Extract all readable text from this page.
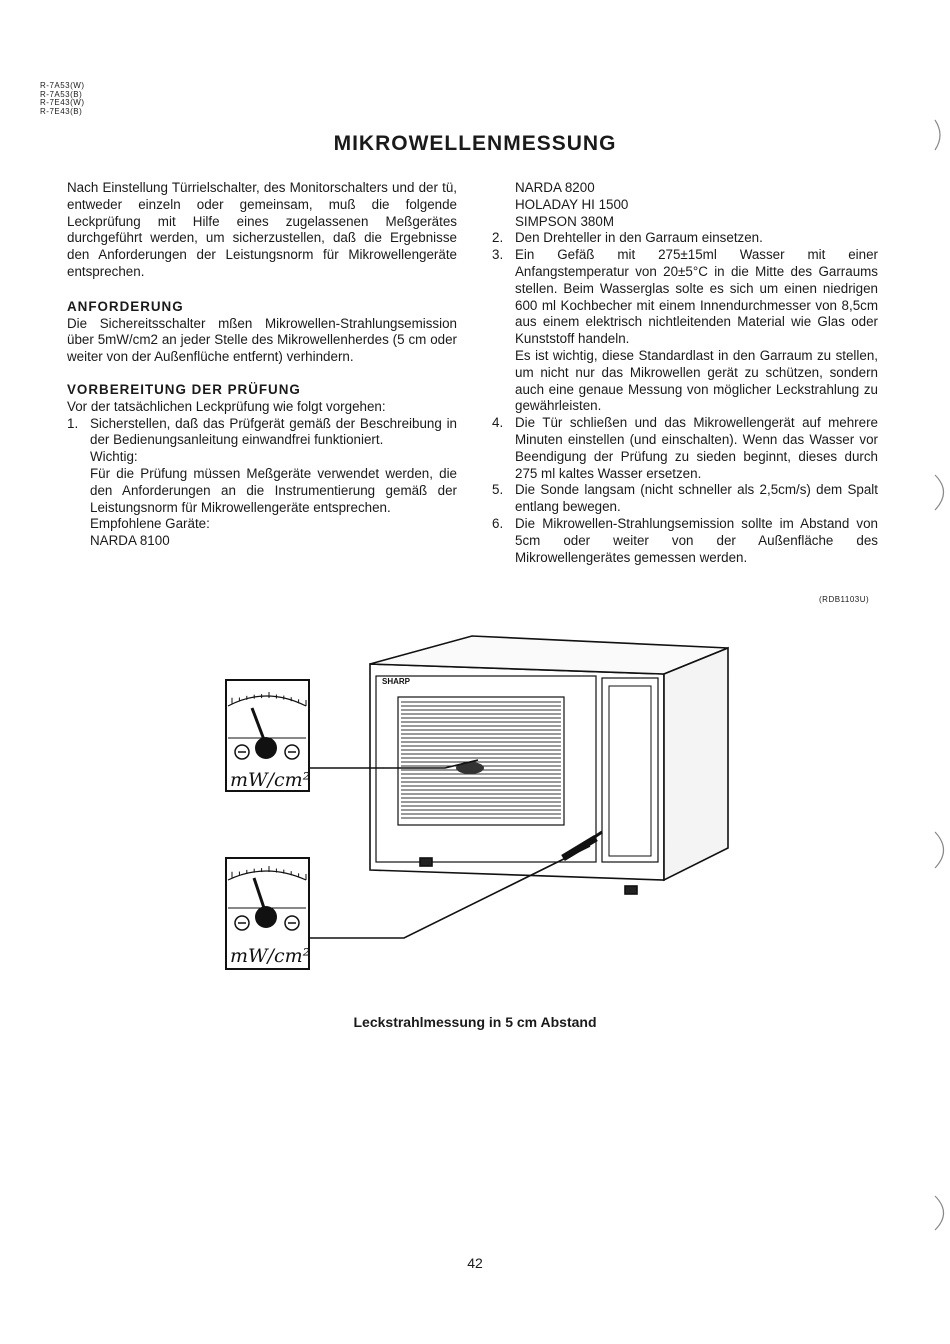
R-7A53(W)
R-7A53(B)
R-7E43(W)
R-7E43(B)
MIKROWELLENMESSUNG
Nach Einstellung Türrielschalter, des Monitorschalters und der tü, entweder einzeln oder gemeinsam, muß die folgende Leckprüfung mit Hilfe eines zugelassenen Meßgerätes durchgeführt werden, um sicherzustellen, daß die Ergebnisse den Anforderungen der Leistungsnorm für Mikrowellengeräte entsprechen.
ANFORDERUNG
Die Sichereitsschalter mßen Mikrowellen-Strahlungsemission über 5mW/cm2 an jeder Stelle des Mikrowellenherdes (5 cm oder weiter von der Außenflüche entfernt) verhindern.
VORBEREITUNG DER PRÜFUNG
Vor der tatsächlichen Leckprüfung wie folgt vorgehen:
1. Sicherstellen, daß das Prüfgerät gemäß der Beschreibung in der Bedienungsanleitung einwandfrei funktioniert.
Wichtig:
Für die Prüfung müssen Meßgeräte verwendet werden, die den Anforderungen an die Instrumentierung gemäß der Leistungsnorm für Mikrowellengeräte entsprechen.
Empfohlene Garäte:
NARDA 8100
NARDA 8200
HOLADAY HI 1500
SIMPSON 380M
2. Den Drehteller in den Garraum einsetzen.
3. Ein Gefäß mit 275±15ml Wasser mit einer Anfangstemperatur von 20±5°C in die Mitte des Garraums stellen. Beim Wasserglas solte es sich um einen niedrigen 600 ml Kochbecher mit einem Innendurchmesser von 8,5cm aus einem elektrisch nichtleitenden Material wie Glas oder Kunststoff handeln.
Es ist wichtig, diese Standardlast in den Garraum zu stellen, um nicht nur das Mikrowellen gerät zu schützen, sondern auch eine genaue Messung von möglicher Leckstrahlung zu gewährleisten.
4. Die Tür schließen und das Mikrowellengerät auf mehrere Minuten einstellen (und einschalten). Wenn das Wasser vor Beendigung der Prüfung zu sieden beginnt, dieses durch 275 ml kaltes Wasser ersetzen.
5. Die Sonde langsam (nicht schneller als 2,5cm/s) dem Spalt entlang bewegen.
6. Die Mikrowellen-Strahlungsemission sollte im Abstand von 5cm oder weiter von der Außenfläche des Mikrowellengerätes gemessen werden.
(RDB1103U)
SHARP
mW/cm²
mW/cm²
Leckstrahlmessung in 5 cm Abstand
42
